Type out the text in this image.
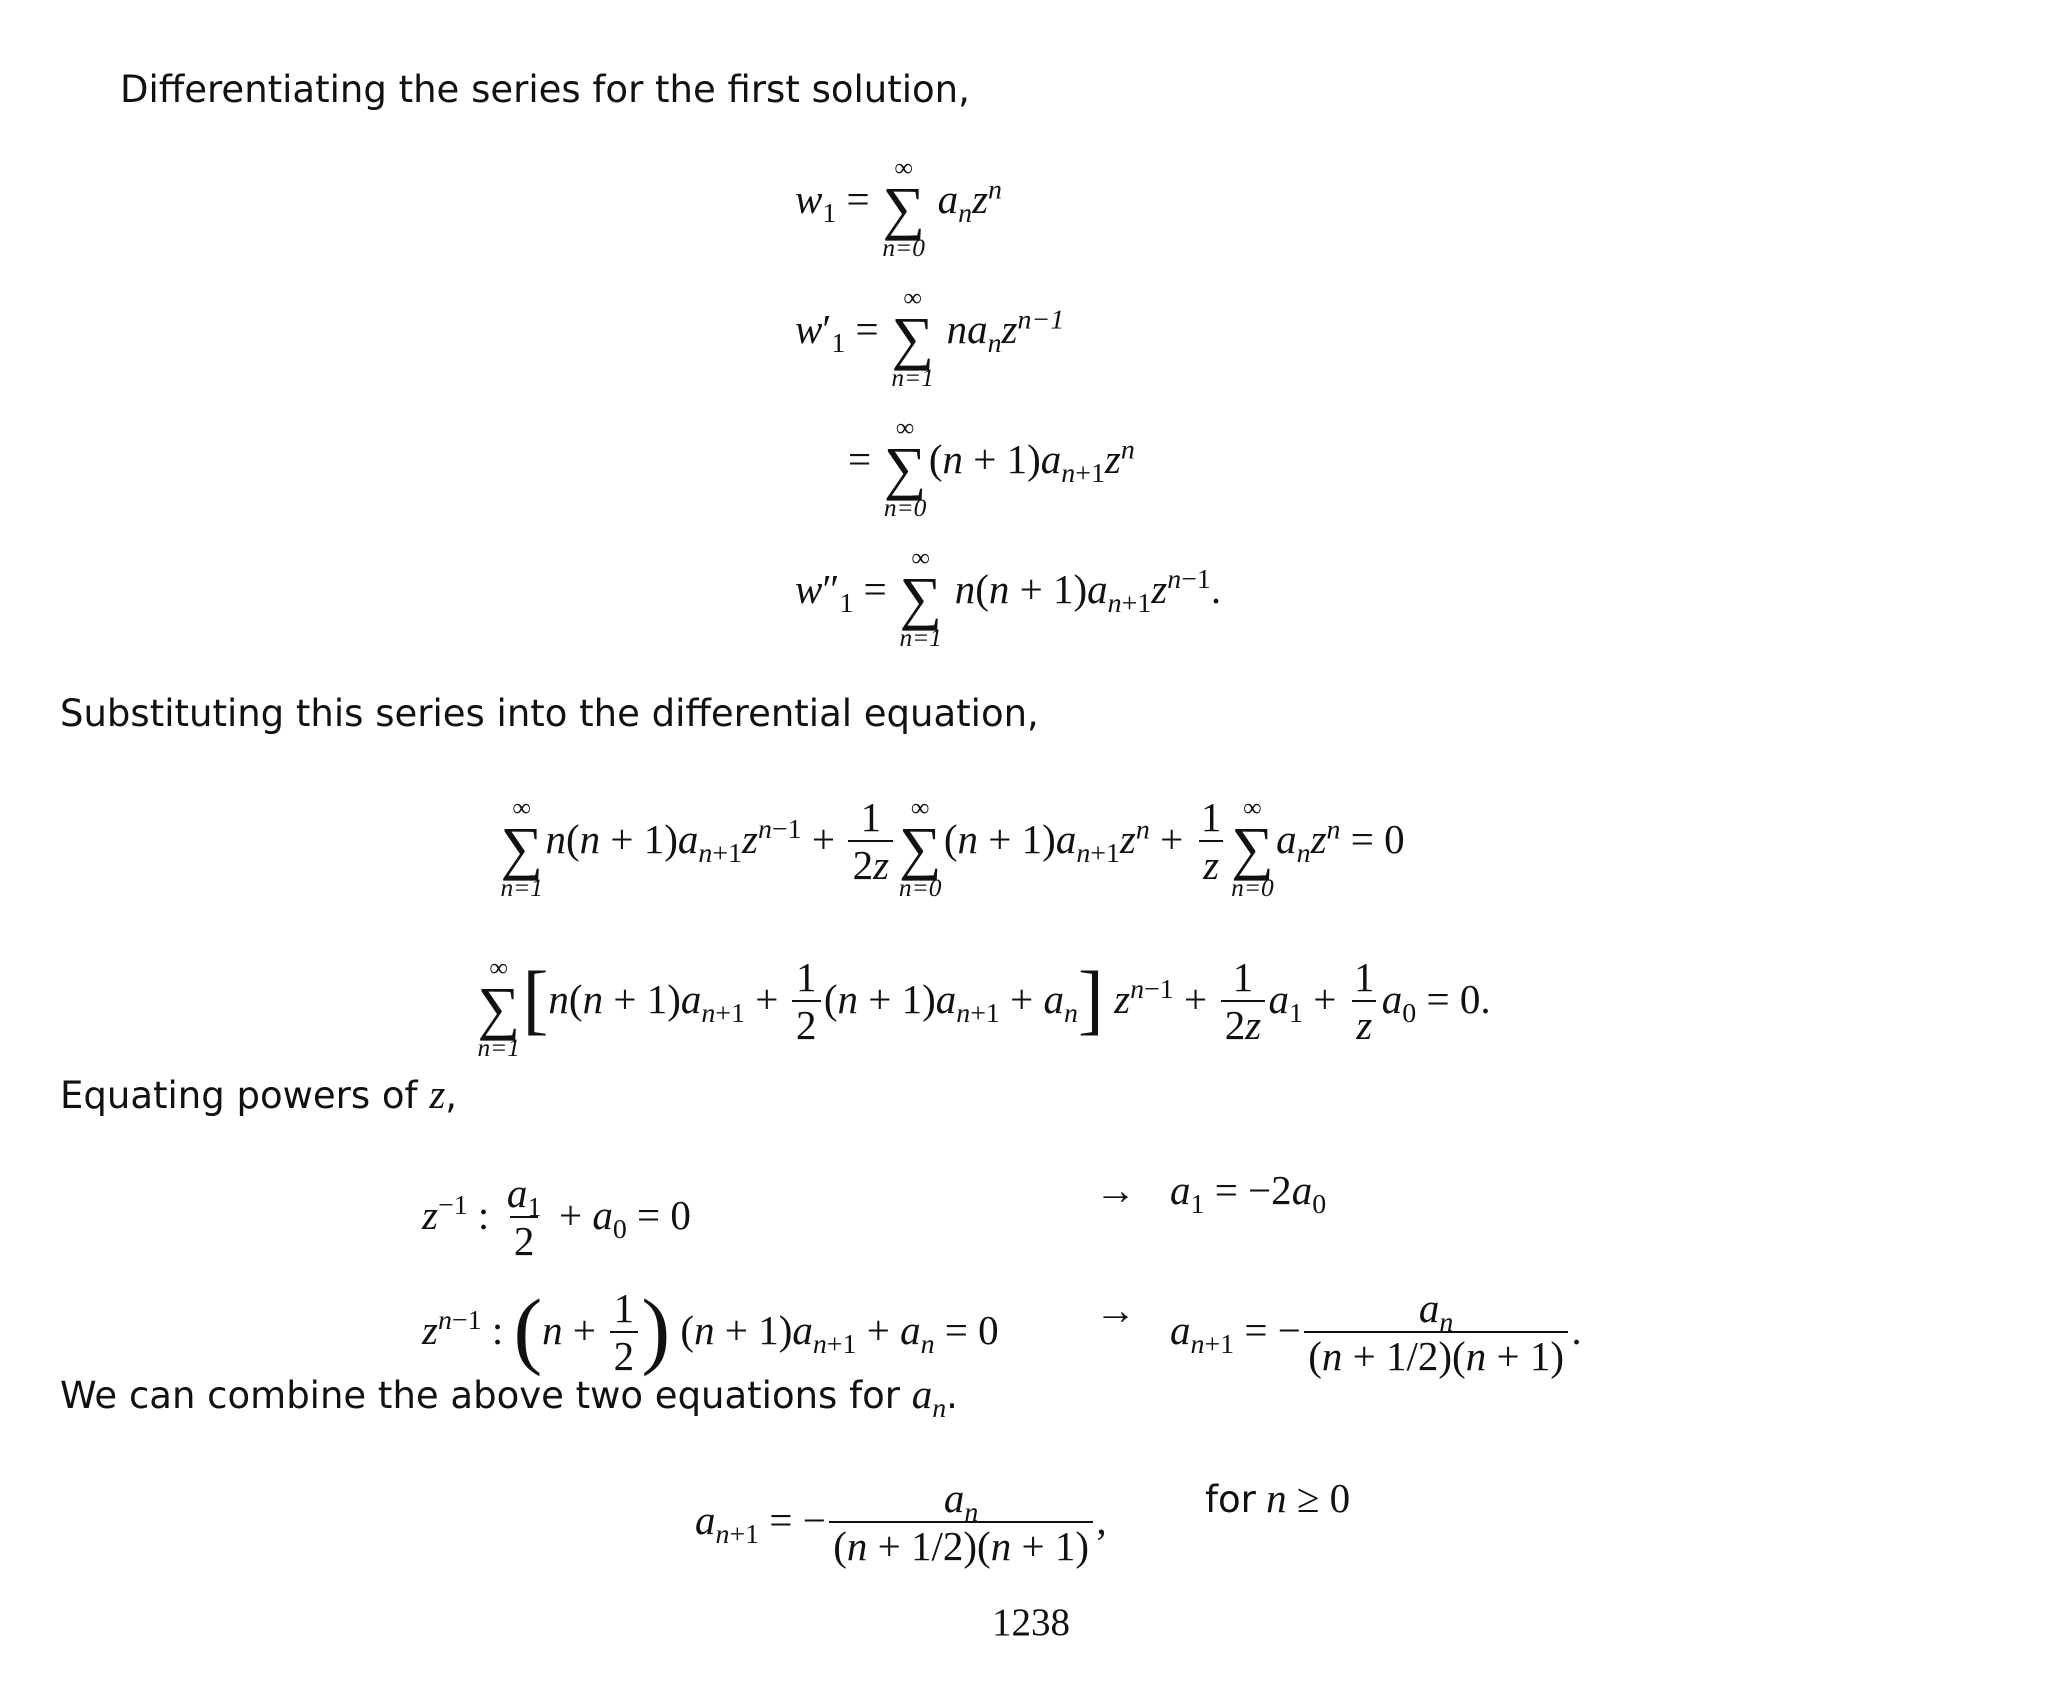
Differentiating the series for the first solution,
$w_1$ =
∞
∑
n=0
$a_nz^n$
$w'_1$ =
∞
∑
n=1
$na_nz^{n-1}$
=
∞
∑
n=0
$(n + 1)a_{n+1}z^n$
$w''_1$ =
∞
∑
n=1
$n(n + 1)a_{n+1}z^{n-1}$.
Substituting this series into the differential equation,
∞
∑
n=1
$n(n + 1)a_{n+1}z^{n-1} + \frac{1}{2z}$ ∞
∑
n=0
$(n + 1)a_{n+1}z^n + \frac{1}{z}$ ∞
∑
n=0
$a_nz^n = 0$
∞
∑
n=1
$[n(n + 1)a_{n+1} + \frac{1}{2} (n + 1)a_{n+1} + a_n]$ $z^{n-1} + \frac{1}{2z} a_1 + \frac{1}{z} a_0 = 0$.
Equating powers of z,
$z^{-1}$ : $\frac{a_1}{2} + a_0 = 0$
→ $a_1 = -2a_0$
$z^{n-1}$ : ($n + \frac{1}{2}$ ) $(n + 1)a_{n+1} + a_n = 0 \to a_{n+1}$ = − $\frac{a_n}{(n + 1/2)(n + 1)}$ .
We can combine the above two equations for $a_n$.
$a_{n+1}$ = − $\frac{a_n}{(n + 1/2)(n + 1)}$ ,	for n ≥ 0
1238
